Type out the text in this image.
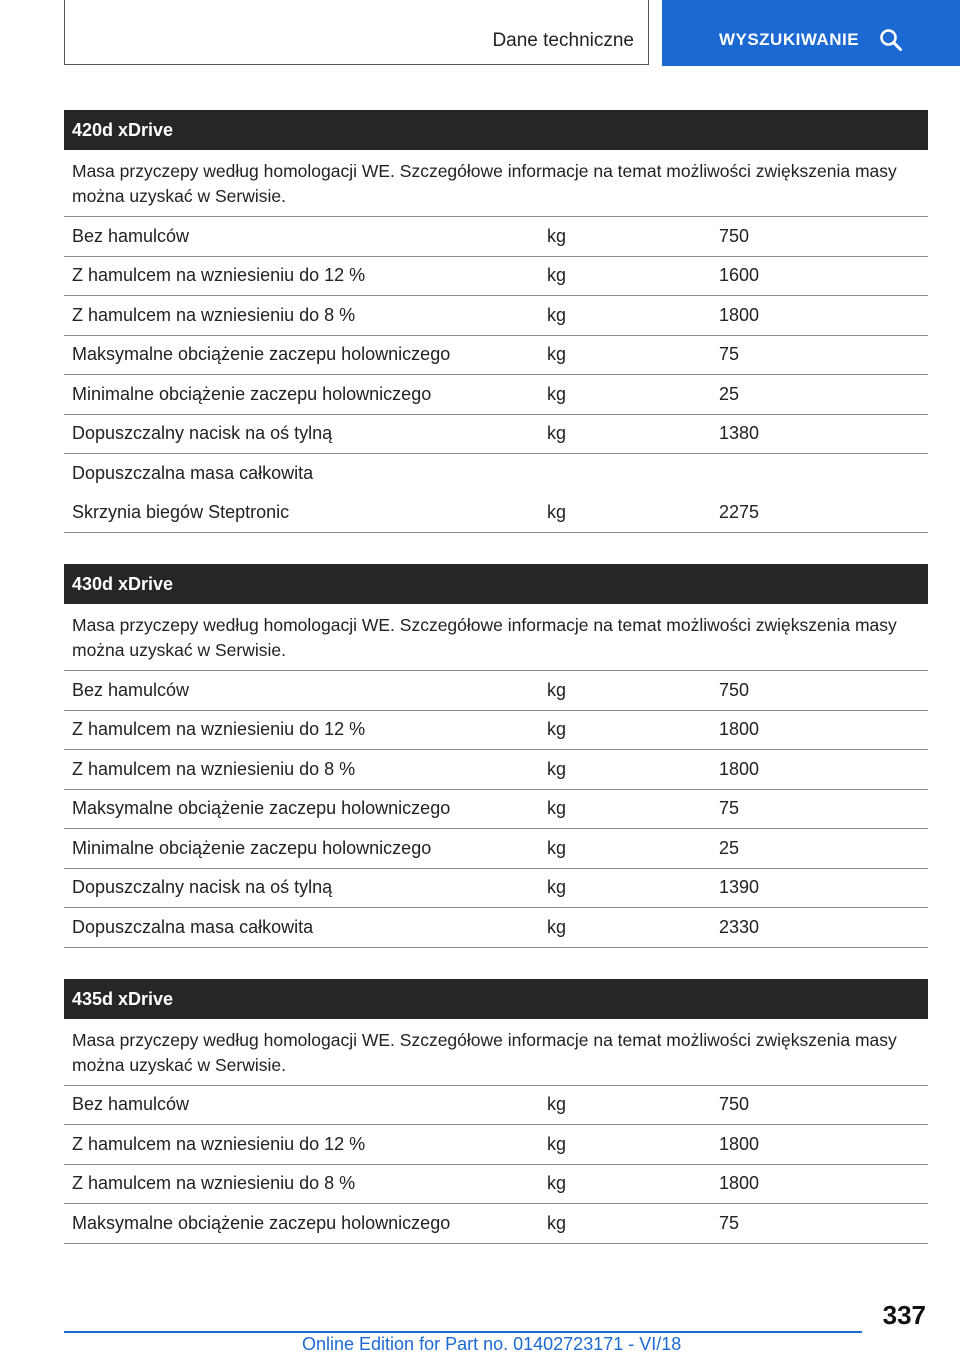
Dane techniczne	WYSZUKIWANIE
420d xDrive
Masa przyczepy według homologacji WE. Szczegółowe informacje na temat możliwości zwiększenia masy można uzyskać w Serwisie.
Bez hamulców	kg	750
Z hamulcem na wzniesieniu do 12 %	kg	1600
Z hamulcem na wzniesieniu do 8 %	kg	1800
Maksymalne obciążenie zaczepu holowniczego	kg	75
Minimalne obciążenie zaczepu holowniczego	kg	25
Dopuszczalny nacisk na oś tylną	kg	1380
Dopuszczalna masa całkowita
Skrzynia biegów Steptronic	kg	2275
430d xDrive
Masa przyczepy według homologacji WE. Szczegółowe informacje na temat możliwości zwiększenia masy można uzyskać w Serwisie.
Bez hamulców	kg	750
Z hamulcem na wzniesieniu do 12 %	kg	1800
Z hamulcem na wzniesieniu do 8 %	kg	1800
Maksymalne obciążenie zaczepu holowniczego	kg	75
Minimalne obciążenie zaczepu holowniczego	kg	25
Dopuszczalny nacisk na oś tylną	kg	1390
Dopuszczalna masa całkowita	kg	2330
435d xDrive
Masa przyczepy według homologacji WE. Szczegółowe informacje na temat możliwości zwiększenia masy można uzyskać w Serwisie.
Bez hamulców	kg	750
Z hamulcem na wzniesieniu do 12 %	kg	1800
Z hamulcem na wzniesieniu do 8 %	kg	1800
Maksymalne obciążenie zaczepu holowniczego	kg	75
337
Online Edition for Part no. 01402723171 - VI/18
